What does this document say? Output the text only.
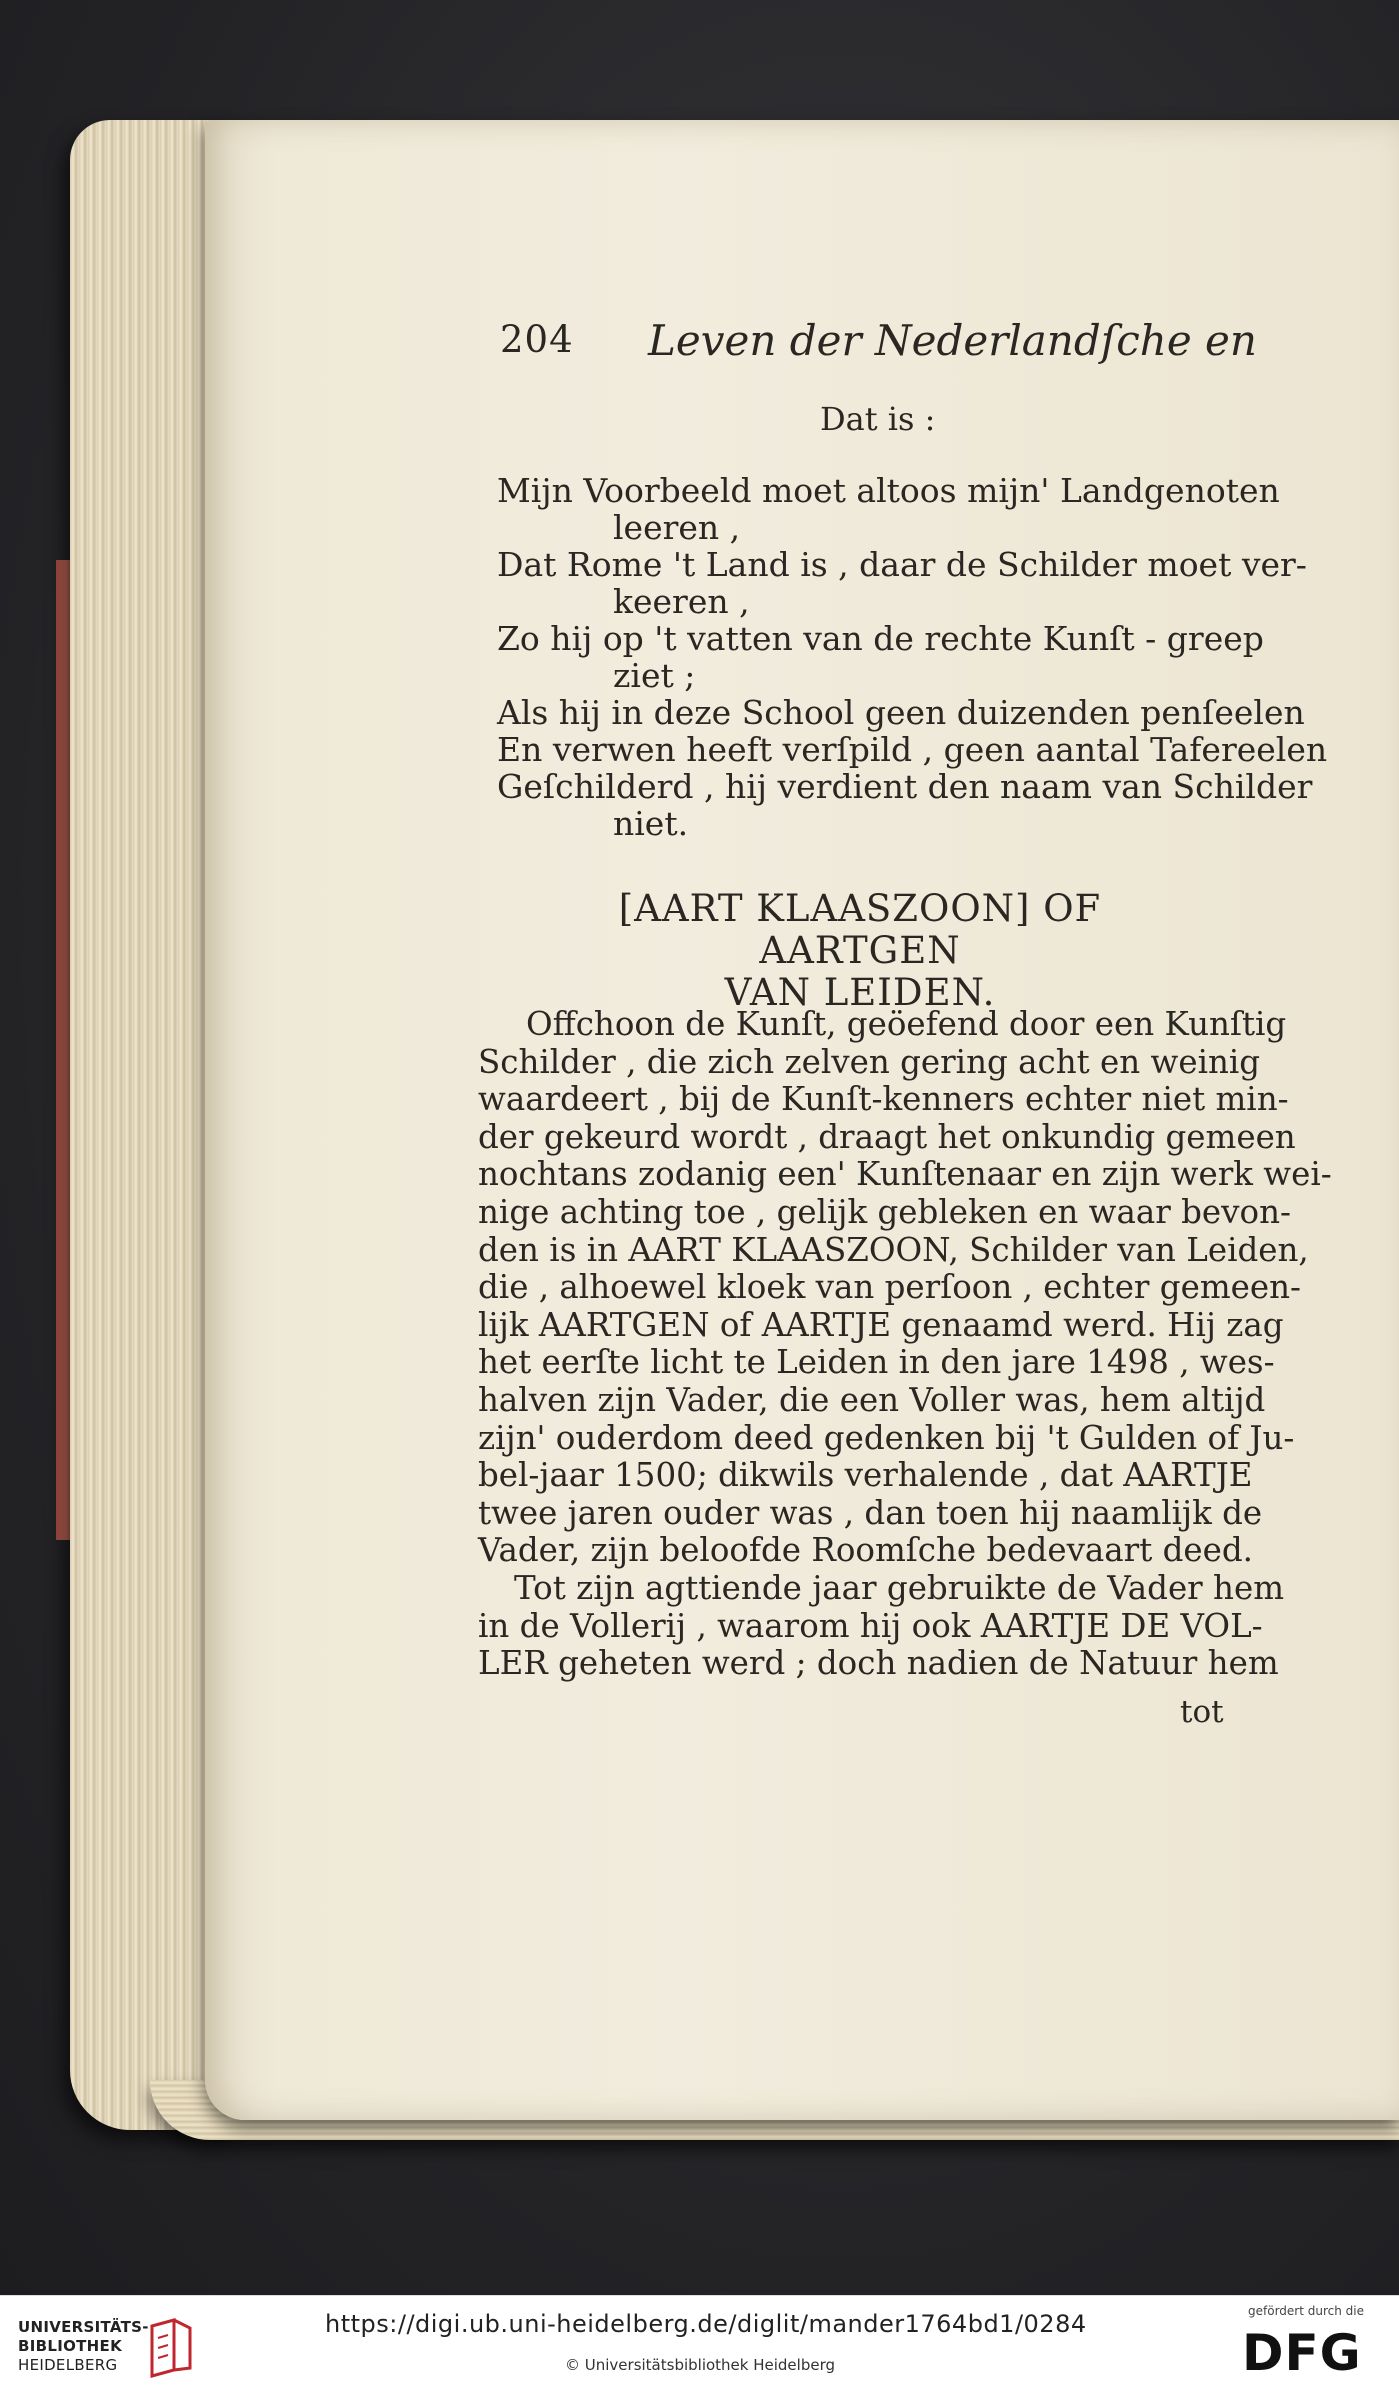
204 Leven der Nederlandſche en
Dat is :
Mijn Voorbeeld moet altoos mijn' Landgenoten
leeren ,
Dat Rome 't Land is , daar de Schilder moet ver-
keeren ,
Zo hij op 't vatten van de rechte Kunſt - greep
ziet ;
Als hij in deze School geen duizenden penſeelen
En verwen heeft verſpild , geen aantal Tafereelen
Geſchilderd , hij verdient den naam van Schilder
niet.
[AART KLAASZOON] OF AARTGEN
VAN LEIDEN.
Offchoon de Kunſt, geöefend door een Kunſtig
Schilder , die zich zelven gering acht en weinig
waardeert , bij de Kunſt-kenners echter niet min-
der gekeurd wordt , draagt het onkundig gemeen
nochtans zodanig een' Kunſtenaar en zijn werk wei-
nige achting toe , gelijk gebleken en waar bevon-
den is in AART KLAASZOON, Schilder van Leiden,
die , alhoewel kloek van perſoon , echter gemeen-
lijk AARTGEN of AARTJE genaamd werd. Hij zag
het eerſte licht te Leiden in den jare 1498 , wes-
halven zijn Vader, die een Voller was, hem altijd
zijn' ouderdom deed gedenken bij 't Gulden of Ju-
bel-jaar 1500; dikwils verhalende , dat AARTJE
twee jaren ouder was , dan toen hij naamlijk de
Vader, zijn beloofde Roomſche bedevaart deed.
Tot zijn agttiende jaar gebruikte de Vader hem
in de Vollerij , waarom hij ook AARTJE DE VOL-
LER geheten werd ; doch nadien de Natuur hem
tot
UNIVERSITÄTS-
BIBLIOTHEK
HEIDELBERG
https://digi.ub.uni-heidelberg.de/diglit/mander1764bd1/0284
© Universitätsbibliothek Heidelberg
gefördert durch die
DFG
